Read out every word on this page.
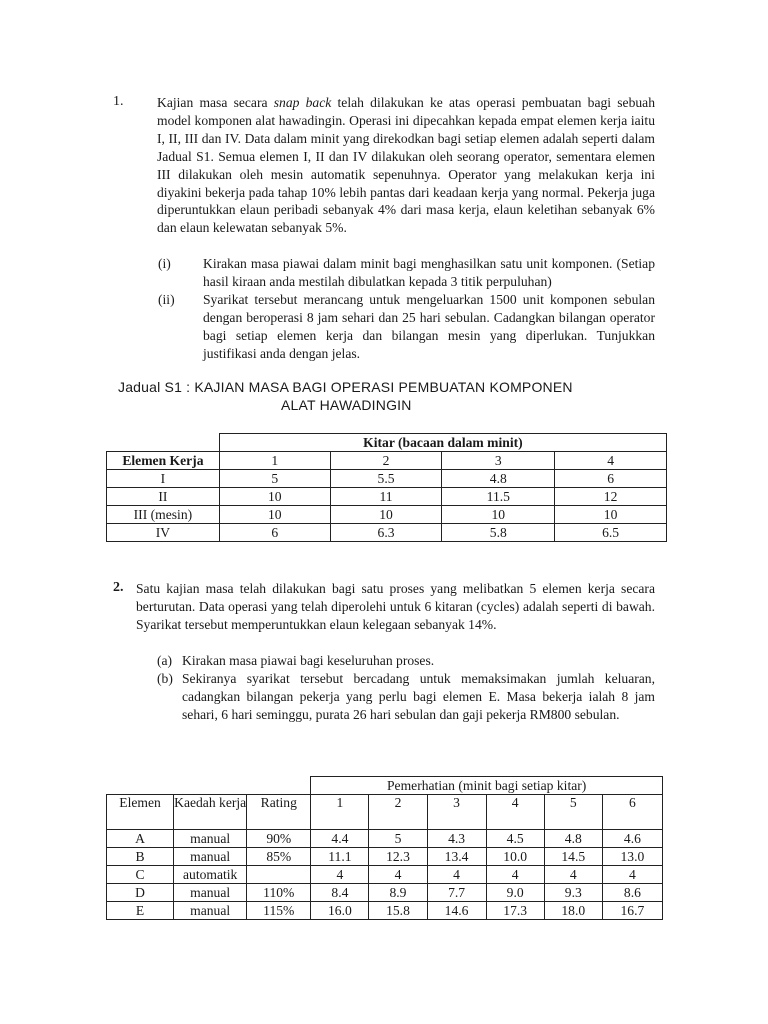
1. Kajian masa secara snap back telah dilakukan ke atas operasi pembuatan bagi sebuah model komponen alat hawadingin. Operasi ini dipecahkan kepada empat elemen kerja iaitu I, II, III dan IV. Data dalam minit yang direkodkan bagi setiap elemen adalah seperti dalam Jadual S1. Semua elemen I, II dan IV dilakukan oleh seorang operator, sementara elemen III dilakukan oleh mesin automatik sepenuhnya. Operator yang melakukan kerja ini diyakini bekerja pada tahap 10% lebih pantas dari keadaan kerja yang normal. Pekerja juga diperuntukkan elaun peribadi sebanyak 4% dari masa kerja, elaun keletihan sebanyak 6% dan elaun kelewatan sebanyak 5%.
(i) Kirakan masa piawai dalam minit bagi menghasilkan satu unit komponen. (Setiap hasil kiraan anda mestilah dibulatkan kepada 3 titik perpuluhan)
(ii) Syarikat tersebut merancang untuk mengeluarkan 1500 unit komponen sebulan dengan beroperasi 8 jam sehari dan 25 hari sebulan. Cadangkan bilangan operator bagi setiap elemen kerja dan bilangan mesin yang diperlukan. Tunjukkan justifikasi anda dengan jelas.
Jadual S1 : KAJIAN MASA BAGI OPERASI PEMBUATAN KOMPONEN
ALAT HAWADINGIN
	Kitar (bacaan dalam minit)			
Elemen Kerja	1	2	3	4
I	5	5.5	4.8	6
II	10	11	11.5	12
III (mesin)	10	10	10	10
IV	6	6.3	5.8	6.5
2. Satu kajian masa telah dilakukan bagi satu proses yang melibatkan 5 elemen kerja secara berturutan. Data operasi yang telah diperolehi untuk 6 kitaran (cycles) adalah seperti di bawah. Syarikat tersebut memperuntukkan elaun kelegaan sebanyak 14%.
(a) Kirakan masa piawai bagi keseluruhan proses.
(b) Sekiranya syarikat tersebut bercadang untuk memaksimakan jumlah keluaran, cadangkan bilangan pekerja yang perlu bagi elemen E. Masa bekerja ialah 8 jam sehari, 6 hari seminggu, purata 26 hari sebulan dan gaji pekerja RM800 sebulan.
			Pemerhatian (minit bagi setiap kitar)					
Elemen	Kaedah kerja	Rating	1	2	3	4	5	6
A	manual	90%	4.4	5	4.3	4.5	4.8	4.6
B	manual	85%	11.1	12.3	13.4	10.0	14.5	13.0
C	automatik		4	4	4	4	4	4
D	manual	110%	8.4	8.9	7.7	9.0	9.3	8.6
E	manual	115%	16.0	15.8	14.6	17.3	18.0	16.7
